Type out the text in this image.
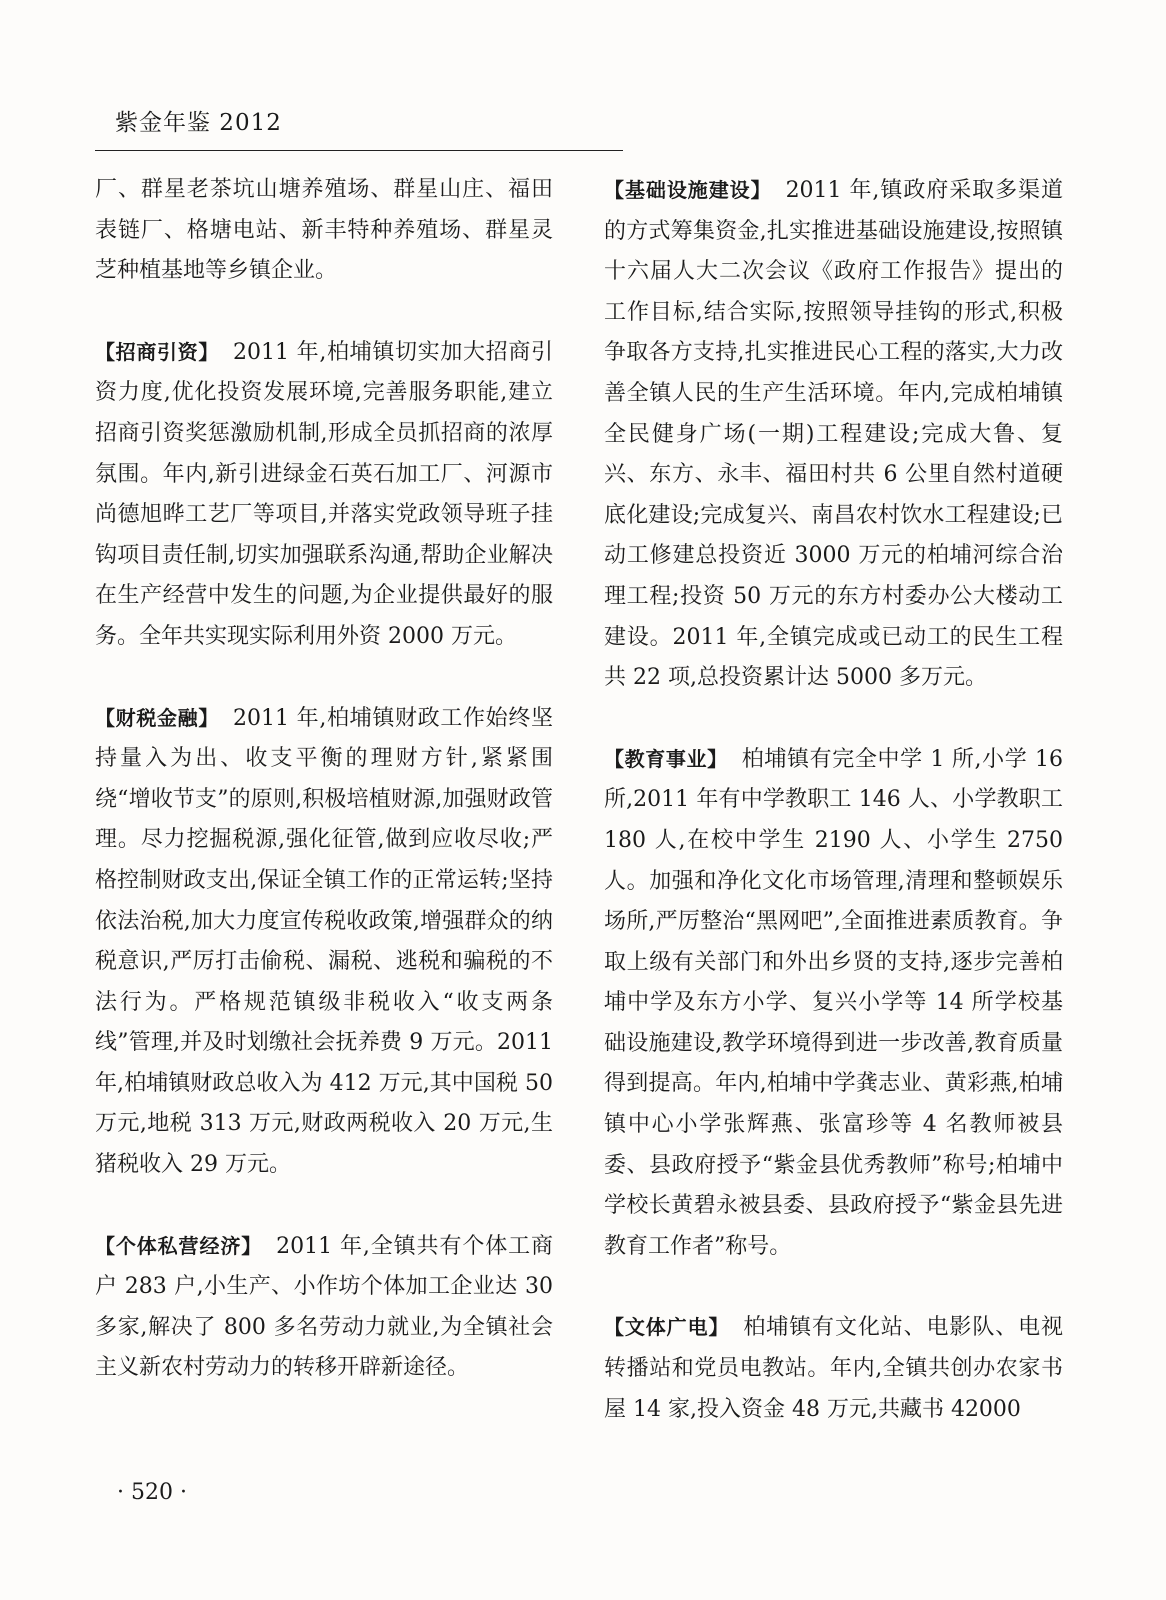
紫金年鉴 2012

厂、群星老茶坑山塘养殖场、群星山庄、福田表链厂、格塘电站、新丰特种养殖场、群星灵芝种植基地等乡镇企业。

【招商引资】 2011 年,柏埔镇切实加大招商引资力度,优化投资发展环境,完善服务职能,建立招商引资奖惩激励机制,形成全员抓招商的浓厚氛围。年内,新引进绿金石英石加工厂、河源市尚德旭晔工艺厂等项目,并落实党政领导班子挂钩项目责任制,切实加强联系沟通,帮助企业解决在生产经营中发生的问题,为企业提供最好的服务。全年共实现实际利用外资 2000 万元。

【财税金融】 2011 年,柏埔镇财政工作始终坚持量入为出、收支平衡的理财方针,紧紧围绕“增收节支”的原则,积极培植财源,加强财政管理。尽力挖掘税源,强化征管,做到应收尽收;严格控制财政支出,保证全镇工作的正常运转;坚持依法治税,加大力度宣传税收政策,增强群众的纳税意识,严厉打击偷税、漏税、逃税和骗税的不法行为。严格规范镇级非税收入“收支两条线”管理,并及时划缴社会抚养费 9 万元。2011 年,柏埔镇财政总收入为 412 万元,其中国税 50 万元,地税 313 万元,财政两税收入 20 万元,生猪税收入 29 万元。

【个体私营经济】 2011 年,全镇共有个体工商户 283 户,小生产、小作坊个体加工企业达 30 多家,解决了 800 多名劳动力就业,为全镇社会主义新农村劳动力的转移开辟新途径。

【基础设施建设】 2011 年,镇政府采取多渠道的方式筹集资金,扎实推进基础设施建设,按照镇十六届人大二次会议《政府工作报告》提出的工作目标,结合实际,按照领导挂钩的形式,积极争取各方支持,扎实推进民心工程的落实,大力改善全镇人民的生产生活环境。年内,完成柏埔镇全民健身广场(一期)工程建设;完成大鲁、复兴、东方、永丰、福田村共 6 公里自然村道硬底化建设;完成复兴、南昌农村饮水工程建设;已动工修建总投资近 3000 万元的柏埔河综合治理工程;投资 50 万元的东方村委办公大楼动工建设。2011 年,全镇完成或已动工的民生工程共 22 项,总投资累计达 5000 多万元。

【教育事业】 柏埔镇有完全中学 1 所,小学 16 所,2011 年有中学教职工 146 人、小学教职工 180 人,在校中学生 2190 人、小学生 2750 人。加强和净化文化市场管理,清理和整顿娱乐场所,严厉整治“黑网吧”,全面推进素质教育。争取上级有关部门和外出乡贤的支持,逐步完善柏埔中学及东方小学、复兴小学等 14 所学校基础设施建设,教学环境得到进一步改善,教育质量得到提高。年内,柏埔中学龚志业、黄彩燕,柏埔镇中心小学张辉燕、张富珍等 4 名教师被县委、县政府授予“紫金县优秀教师”称号;柏埔中学校长黄碧永被县委、县政府授予“紫金县先进教育工作者”称号。

【文体广电】 柏埔镇有文化站、电影队、电视转播站和党员电教站。年内,全镇共创办农家书屋 14 家,投入资金 48 万元,共藏书 42000

· 520 ·
